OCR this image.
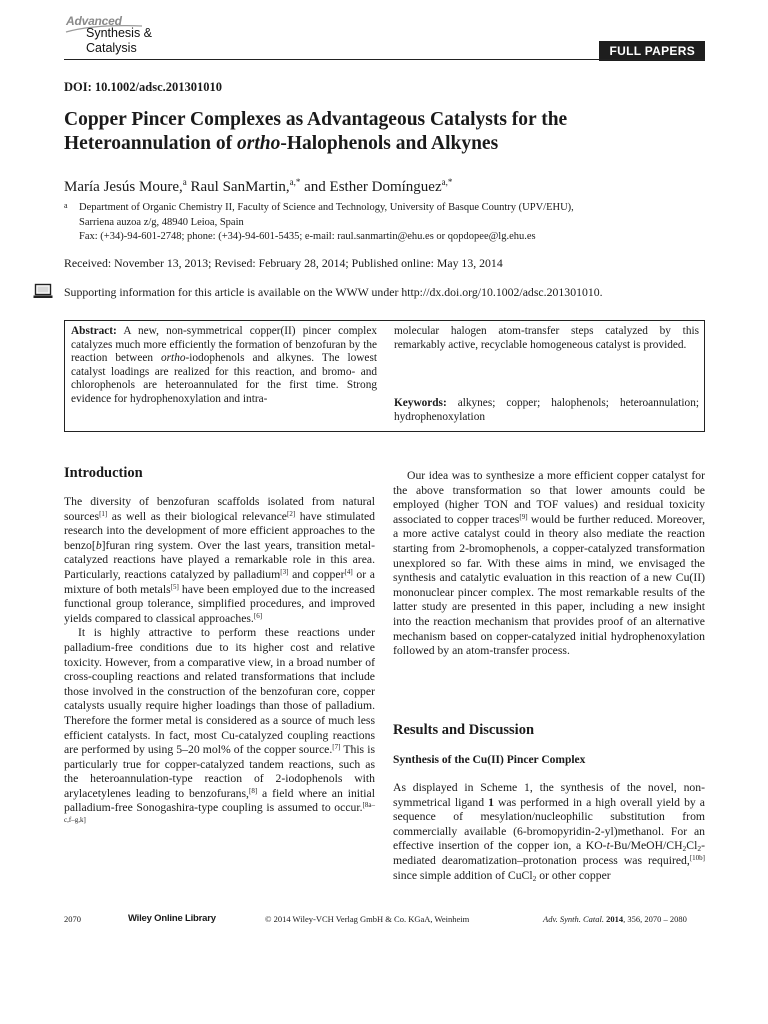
Advanced
Synthesis &
Catalysis	FULL PAPERS
DOI: 10.1002/adsc.201301010
Copper Pincer Complexes as Advantageous Catalysts for the Heteroannulation of ortho-Halophenols and Alkynes
María Jesús Moure,$^a$ Raul SanMartin,$^{a,*}$ and Esther Domínguez$^{a,*}$
a Department of Organic Chemistry II, Faculty of Science and Technology, University of Basque Country (UPV/EHU),
Sarriena auzoa z/g, 48940 Leioa, Spain
Fax: (+34)-94-601-2748; phone: (+34)-94-601-5435; e-mail: raul.sanmartin@ehu.es or qopdopee@lg.ehu.es
Received: November 13, 2013; Revised: February 28, 2014; Published online: May 13, 2014
Supporting information for this article is available on the WWW under http://dx.doi.org/10.1002/adsc.201301010.
Abstract: A new, non-symmetrical copper(II) pincer complex catalyzes much more efficiently the formation of benzofuran by the reaction between ortho-iodophenols and alkynes. The lowest catalyst loadings are realized for this reaction, and bromo- and chlorophenols are heteroannulated for the first time. Strong evidence for hydrophenoxylation and intra-
molecular halogen atom-transfer steps catalyzed by this remarkably active, recyclable homogeneous catalyst is provided.
Keywords: alkynes; copper; halophenols; heteroannulation; hydrophenoxylation
Introduction

The diversity of benzofuran scaffolds isolated from natural sources[1] as well as their biological relevance[2] have stimulated research into the development of more efficient approaches to the benzo[b]furan ring system. Over the last years, transition metal-catalyzed reactions have played a remarkable role in this area. Particularly, reactions catalyzed by palladium[3] and copper[4] or a mixture of both metals[5] have been employed due to the increased functional group tolerance, simplified procedures, and improved yields compared to classical approaches.[6]

It is highly attractive to perform these reactions under palladium-free conditions due to its higher cost and relative toxicity. However, from a comparative view, in a broad number of cross-coupling reactions and related transformations that include those involved in the construction of the benzofuran core, copper catalysts usually require higher loadings than those of palladium. Therefore the former metal is considered as a source of much less efficient catalysts. In fact, most Cu-catalyzed coupling reactions are performed by using 5–20 mol% of the copper source.[7] This is particularly true for copper-catalyzed tandem reactions, such as the heteroannulation-type reaction of 2-iodophenols with arylacetylenes leading to benzofurans,[8] a field where an initial palladium-free Sonogashira-type coupling is assumed to occur.[8a–c,f–g,k]

Our idea was to synthesize a more efficient copper catalyst for the above transformation so that lower amounts could be employed (higher TON and TOF values) and residual toxicity associated to copper traces[9] would be further reduced. Moreover, a more active catalyst could in theory also mediate the reaction starting from 2-bromophenols, a copper-catalyzed transformation unexplored so far. With these aims in mind, we envisaged the synthesis and catalytic evaluation in this reaction of a new Cu(II) mononuclear pincer complex. The most remarkable results of the latter study are presented in this paper, including a new insight into the reaction mechanism that provides proof of an alternative mechanism based on copper-catalyzed initial hydrophenoxylation followed by an atom-transfer process.

Results and Discussion
Synthesis of the Cu(II) Pincer Complex

As displayed in Scheme 1, the synthesis of the novel, non-symmetrical ligand 1 was performed in a high overall yield by a sequence of mesylation/nucleophilic substitution from commercially available (6-bromopyridin-2-yl)methanol. For an effective insertion of the copper ion, a $KO-t-Bu/MeOH/CH_2Cl_2$-mediated dearomatization–protonation process was required,[10b] since simple addition of CuCl$_2$ or other copper

2070	Wiley Online Library	© 2014 Wiley-VCH Verlag GmbH & Co. KGaA, Weinheim	Adv. Synth. Catal. 2014, 356, 2070 – 2080
